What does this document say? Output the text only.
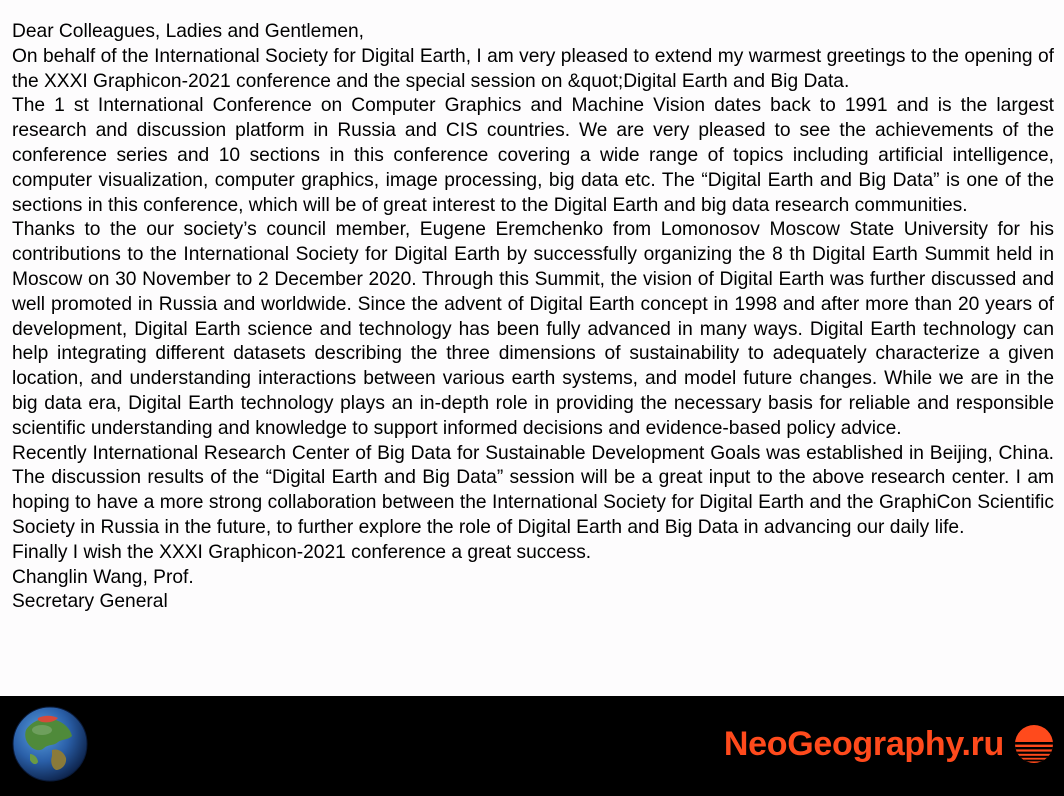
Dear Colleagues, Ladies and Gentlemen,

On behalf of the International Society for Digital Earth, I am very pleased to extend my warmest greetings to the opening of the XXXI Graphicon-2021 conference and the special session on &quot;Digital Earth and Big Data.

The 1 st International Conference on Computer Graphics and Machine Vision dates back to 1991 and is the largest research and discussion platform in Russia and CIS countries. We are very pleased to see the achievements of the conference series and 10 sections in this conference covering a wide range of topics including artificial intelligence, computer visualization, computer graphics, image processing, big data etc. The “Digital Earth and Big Data” is one of the sections in this conference, which will be of great interest to the Digital Earth and big data research communities.

Thanks to the our society’s council member, Eugene Eremchenko from Lomonosov Moscow State University for his contributions to the International Society for Digital Earth by successfully organizing the 8 th Digital Earth Summit held in Moscow on 30 November to 2 December 2020. Through this Summit, the vision of Digital Earth was further discussed and well promoted in Russia and worldwide. Since the advent of Digital Earth concept in 1998 and after more than 20 years of development, Digital Earth science and technology has been fully advanced in many ways. Digital Earth technology can help integrating different datasets describing the three dimensions of sustainability to adequately characterize a given location, and understanding interactions between various earth systems, and model future changes. While we are in the big data era, Digital Earth technology plays an in-depth role in providing the necessary basis for reliable and responsible scientific understanding and knowledge to support informed decisions and evidence-based policy advice.

Recently International Research Center of Big Data for Sustainable Development Goals was established in Beijing, China. The discussion results of the “Digital Earth and Big Data” session will be a great input to the above research center. I am hoping to have a more strong collaboration between the International Society for Digital Earth and the GraphiCon Scientific Society in Russia in the future, to further explore the role of Digital Earth and Big Data in advancing our daily life.

Finally I wish the XXXI Graphicon-2021 conference a great success.

Changlin Wang, Prof.

Secretary General

NeoGeography.ru
